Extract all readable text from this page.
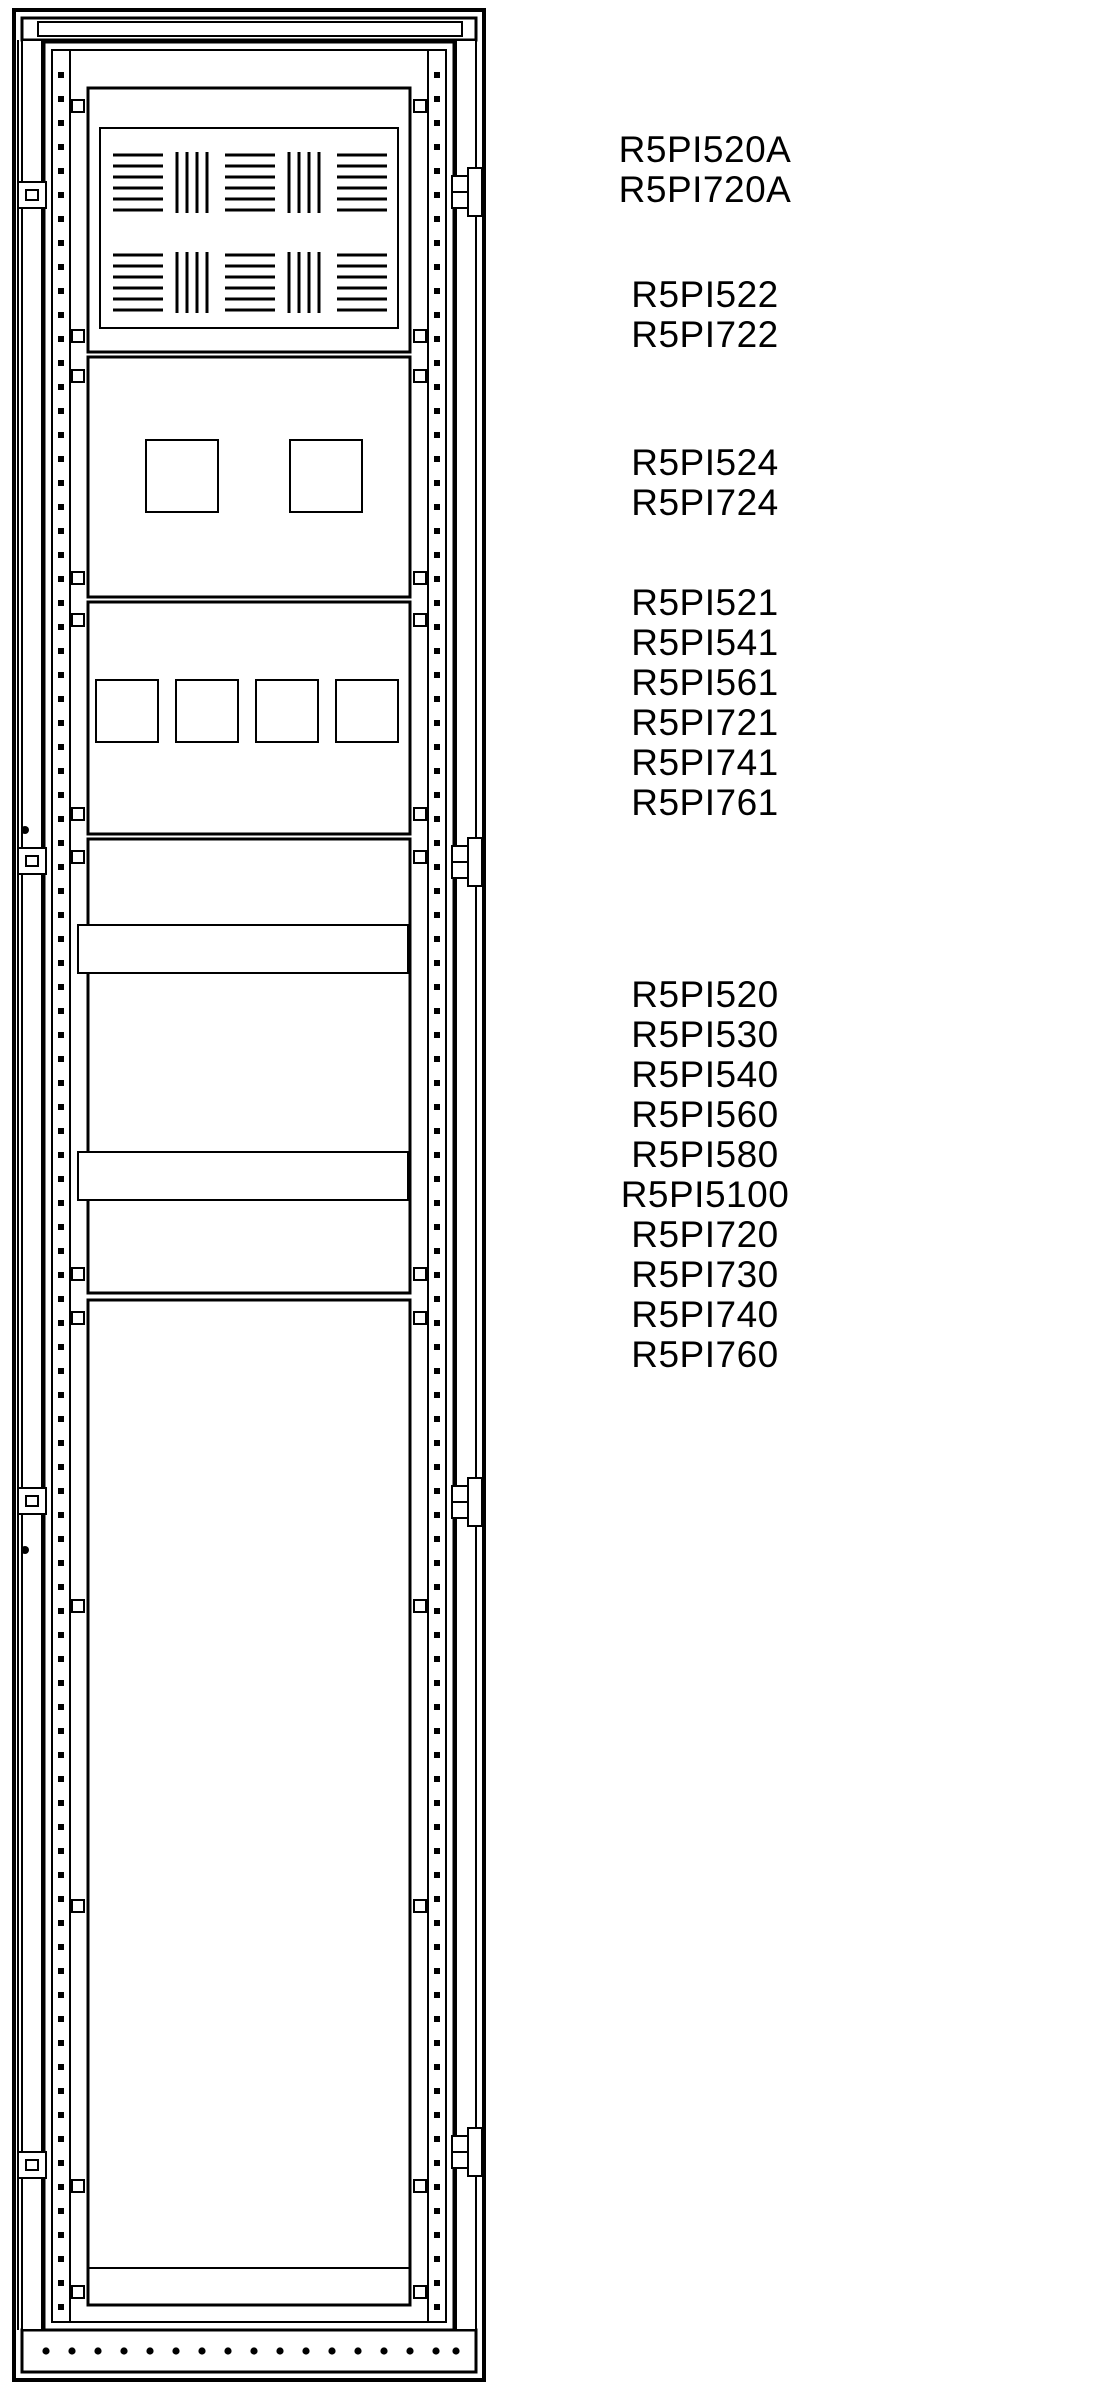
R5PI520A
R5PI720A
R5PI522
R5PI722
R5PI524
R5PI724
R5PI521
R5PI541
R5PI561
R5PI721
R5PI741
R5PI761
R5PI520
R5PI530
R5PI540
R5PI560
R5PI580
R5PI5100
R5PI720
R5PI730
R5PI740
R5PI760
